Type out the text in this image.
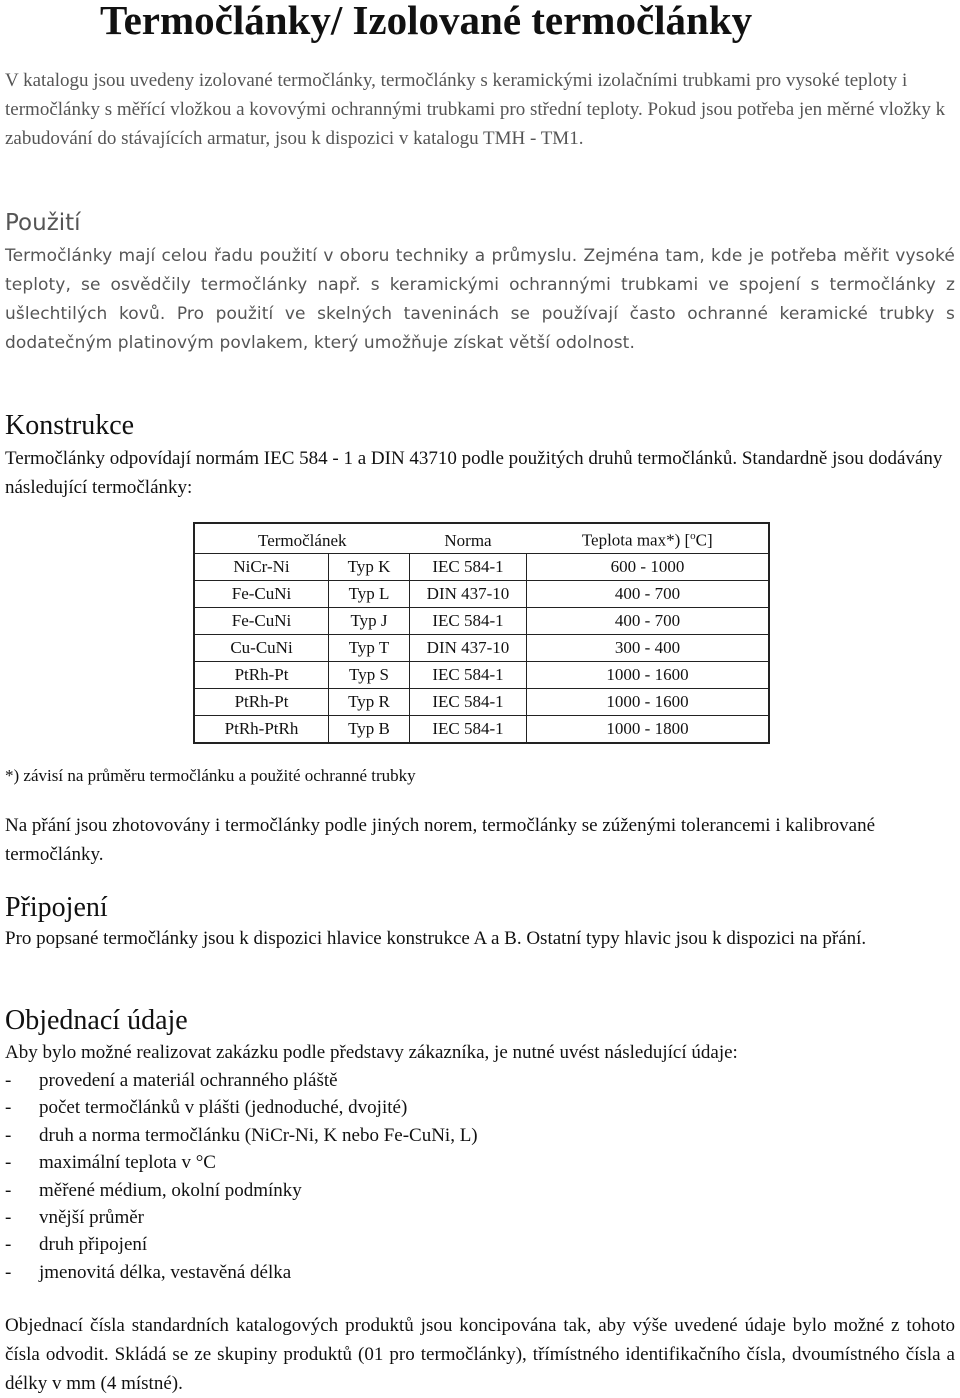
Termočlánky/ Izolované termočlánky

V katalogu jsou uvedeny izolované termočlánky, termočlánky s keramickými izolačními trubkami pro vysoké teploty i termočlánky s měřící vložkou a kovovými ochrannými trubkami pro střední teploty. Pokud jsou potřeba jen měrné vložky k zabudování do stávajících armatur, jsou k dispozici v katalogu TMH - TM1.

Použití

Termočlánky mají celou řadu použití v oboru techniky a průmyslu. Zejména tam, kde je potřeba měřit vysoké teploty, se osvědčily termočlánky např. s keramickými ochrannými trubkami ve spojení s termočlánky z ušlechtilých kovů. Pro použití ve skelných taveninách se používají často ochranné keramické trubky s dodatečným platinovým povlakem, který umožňuje získat větší odolnost.

Konstrukce

Termočlánky odpovídají normám IEC 584 - 1 a DIN 43710 podle použitých druhů termočlánků. Standardně jsou dodávány následující termočlánky:

Termočlánek		Norma	Teplota max*) [$^o$C]
NiCr-Ni	Typ K	IEC 584-1	600 - 1000
Fe-CuNi	Typ L	DIN 437-10	400 - 700
Fe-CuNi	Typ J	IEC 584-1	400 - 700
Cu-CuNi	Typ T	DIN 437-10	300 - 400
PtRh-Pt	Typ S	IEC 584-1	1000 - 1600
PtRh-Pt	Typ R	IEC 584-1	1000 - 1600
PtRh-PtRh	Typ B	IEC 584-1	1000 - 1800

*) závisí na průměru termočlánku a použité ochranné trubky

Na přání jsou zhotovovány i termočlánky podle jiných norem, termočlánky se zúženými tolerancemi i kalibrované termočlánky.

Připojení

Pro popsané termočlánky jsou k dispozici hlavice konstrukce A a B. Ostatní typy hlavic jsou k dispozici na přání.

Objednací údaje

Aby bylo možné realizovat zakázku podle představy zákazníka, je nutné uvést následující údaje:

- provedení a materiál ochranného pláště
- počet termočlánků v plášti (jednoduché, dvojité)
- druh a norma termočlánku (NiCr-Ni, K nebo Fe-CuNi, L)
- maximální teplota v °C
- měřené médium, okolní podmínky
- vnější průměr
- druh připojení
- jmenovitá délka, vestavěná délka

Objednací čísla standardních katalogových produktů jsou koncipována tak, aby výše uvedené údaje bylo možné z tohoto čísla odvodit. Skládá se ze skupiny produktů (01 pro termočlánky), třímístného identifikačního čísla, dvoumístného čísla a délky v mm (4 místné).
